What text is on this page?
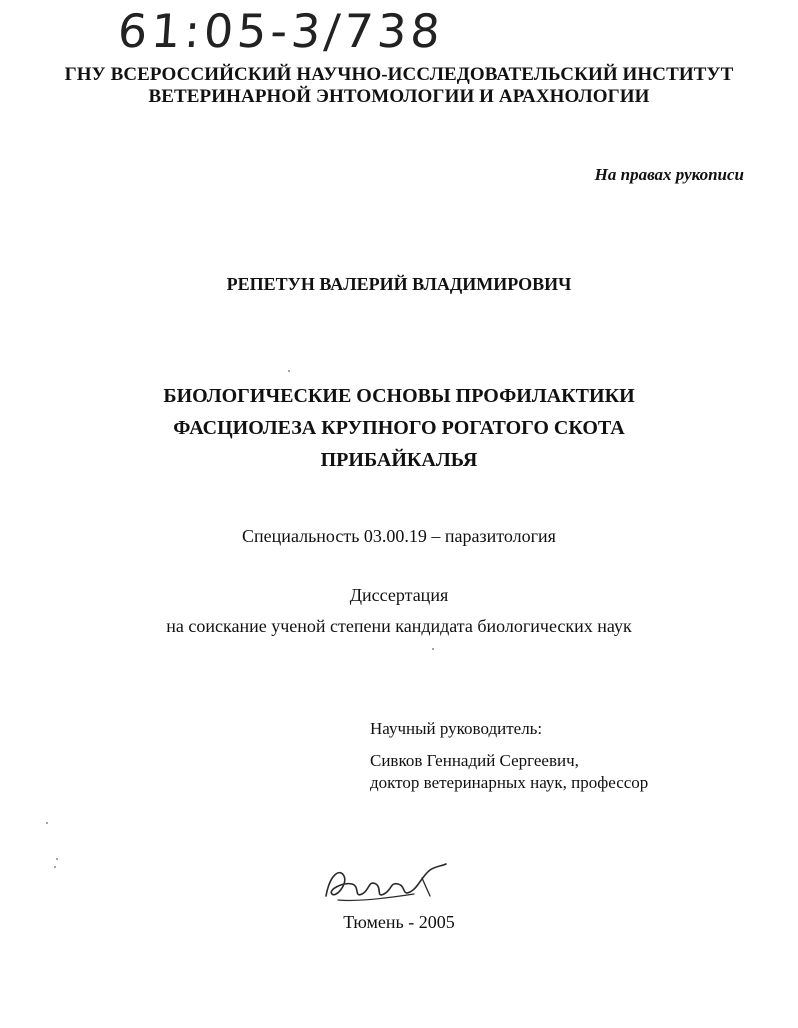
61:05-3/738
ГНУ ВСЕРОССИЙСКИЙ НАУЧНО-ИССЛЕДОВАТЕЛЬСКИЙ ИНСТИТУТ
ВЕТЕРИНАРНОЙ ЭНТОМОЛОГИИ И АРАХНОЛОГИИ
На правах рукописи
РЕПЕТУН ВАЛЕРИЙ ВЛАДИМИРОВИЧ
БИОЛОГИЧЕСКИЕ ОСНОВЫ ПРОФИЛАКТИКИ
ФАСЦИОЛЕЗА КРУПНОГО РОГАТОГО СКОТА
ПРИБАЙКАЛЬЯ
Специальность 03.00.19 – паразитология
Диссертация
на соискание ученой степени кандидата биологических наук
Научный руководитель:
Сивков Геннадий Сергеевич,
доктор ветеринарных наук, профессор
Тюмень - 2005
